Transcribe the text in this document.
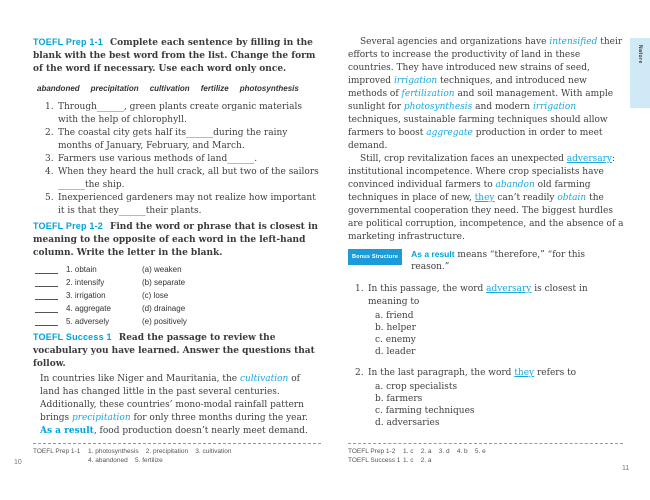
TOEFL Prep 1-1 Complete each sentence by filling in the blank with the best word from the list. Change the form of the word if necessary. Use each word only once.

abandoned precipitation cultivation fertilize photosynthesis
1. Through______, green plants create organic materials with the help of chlorophyll.
2. The coastal city gets half its______during the rainy months of January, February, and March.
3. Farmers use various methods of land______.
4. When they heard the hull crack, all but two of the sailors ______the ship.
5. Inexperienced gardeners may not realize how important it is that they______their plants.

TOEFL Prep 1-2 Find the word or phrase that is closest in meaning to the opposite of each word in the left-hand column. Write the letter in the blank.

1. obtain	(a) weaken
2. intensify	(b) separate
3. irrigation	(c) lose
4. aggregate	(d) drainage
5. adversely	(e) positively

TOEFL Success 1 Read the passage to review the vocabulary you have learned. Answer the questions that follow.

In countries like Niger and Mauritania, the cultivation of land has changed little in the past several centuries. Additionally, these countries’ mono-modal rainfall pattern brings precipitation for only three months during the year. As a result, food production doesn’t nearly meet demand.

Several agencies and organizations have intensified their efforts to increase the productivity of land in these countries. They have introduced new strains of seed, improved irrigation techniques, and introduced new methods of fertilization and soil management. With ample sunlight for photosynthesis and modern irrigation techniques, sustainable farming techniques should allow farmers to boost aggregate production in order to meet demand.

Still, crop revitalization faces an unexpected adversary: institutional incompetence. Where crop specialists have convinced individual farmers to abandon old farming techniques in place of new, they can’t readily obtain the governmental cooperation they need. The biggest hurdles are political corruption, incompetence, and the absence of a marketing infrastructure.

Bonus Structure	As a result means “therefore,” “for this reason.”

1. In this passage, the word adversary is closest in meaning to

a. friend
b. helper
c. enemy
d. leader

2. In the last paragraph, the word they refers to

a. crop specialists
b. farmers
c. farming techniques
d. adversaries
TOEFL Prep 1-1	1. photosynthesis    2. precipitation    3. cultivation
4. abandoned    5. fertilize
TOEFL Prep 1-2	1. c    2. a    3. d    4. b    5. e
TOEFL Success 1 1. c    2. a
10
11
Nature
